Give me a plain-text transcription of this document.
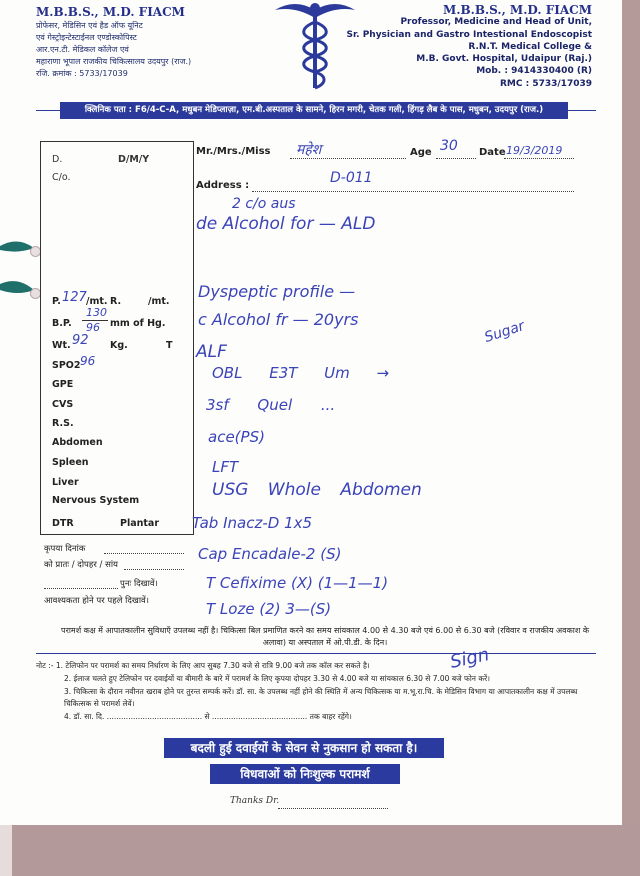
M.B.B.S., M.D. FIACM
प्रोफेसर, मेडिसिन एवं हैड ऑफ यूनिट
एवं गेस्ट्रोइन्टेस्टाईनल एण्डोस्कोपिस्ट
आर.एन.टी. मेडिकल कॉलेज एवं
महाराणा भूपाल राजकीय चिकित्सालय उदयपुर (राज.)
रजि. क्रमांक : 5733/17039
M.B.B.S., M.D. FIACM
Professor, Medicine and Head of Unit,
Sr. Physician and Gastro Intestional Endoscopist
R.N.T. Medical College &
M.B. Govt. Hospital, Udaipur (Raj.)
Mob. : 9414330400 (R)
RMC : 5733/17039
क्लिनिक पता : F6/4-C-A, मधुबन मेडिप्लाज़ा, एम.बी.अस्पताल के सामने, हिरन मगरी, चेतक गली, हिंगड़ लैब के पास, मधुबन, उदयपुर (राज.)
D.	D/M/Y
C/o.
P. 127 /mt. R.	/mt.
B.P.
130
96 mm of Hg.
Wt. 92 Kg.	T
SPO2 96
GPE
CVS
R.S.
Abdomen
Spleen
Liver
Nervous System
DTR	Plantar
कृपया दिनांक
को प्रातः / दोपहर / सांय
पुनः दिखावें।
आवश्यकता होने पर पहले दिखावें।
Mr./Mrs./Miss महेश	Age 30 Date 19/3/2019
Address :	D-011
2 c/o aus
de Alcohol for — ALD
Dyspeptic profile —
c Alcohol fr — 20yrs	Sugar
ALF
OBL E3T Um →
3sf Quel ...
ace(PS)
LFT
USG Whole Abdomen
Tab Inacz-D 1x5
Cap Encadale-2 (S)
T Cefixime (X) (1—1—1)
T Loze (2) 3—(S)
परामर्श कक्ष में आपातकालीन सुविधाएँ उपलब्ध नहीं है। चिकित्सा बिल प्रमाणित करने का समय सांयकाल 4.00 से 4.30 बजे एवं 6.00 से 6.30 बजे (रविवार व राजकीय अवकाश के अलावा) या अस्पताल में ओ.पी.डी. के दिन।
नोट :- 1. टेलिफोन पर परामर्श का समय निर्धारण के लिए आप सुबह 7.30 बजे से रात्रि 9.00 बजे तक कॉल कर सकते है।
2. ईलाज चलते हुए टेलिफोन पर दवाईयों या बीमारी के बारे में परामर्श के लिए कृपया दोपहर 3.30 से 4.00 बजे या सांयकाल 6.30 से 7.00 बजे फोन करें।
3. चिकित्सा के दौरान नवीनत खराब होने पर तुरन्त सम्पर्क करें। डॉ. सा. के उपलब्ध नहीं होने की स्थिति में अन्य चिकित्सक या म.भू.रा.चि. के मेडिसिन विभाग या आपातकालीन कक्ष में उपलब्ध चिकित्सक से परामर्श लेवें।
4. डॉ. सा. दि. ........................................ से ........................................ तक बाहर रहेंगे।
Sign
बदली हुई दवाईयों के सेवन से नुकसान हो सकता है।
विधवाओं को निःशुल्क परामर्श
Thanks Dr.
